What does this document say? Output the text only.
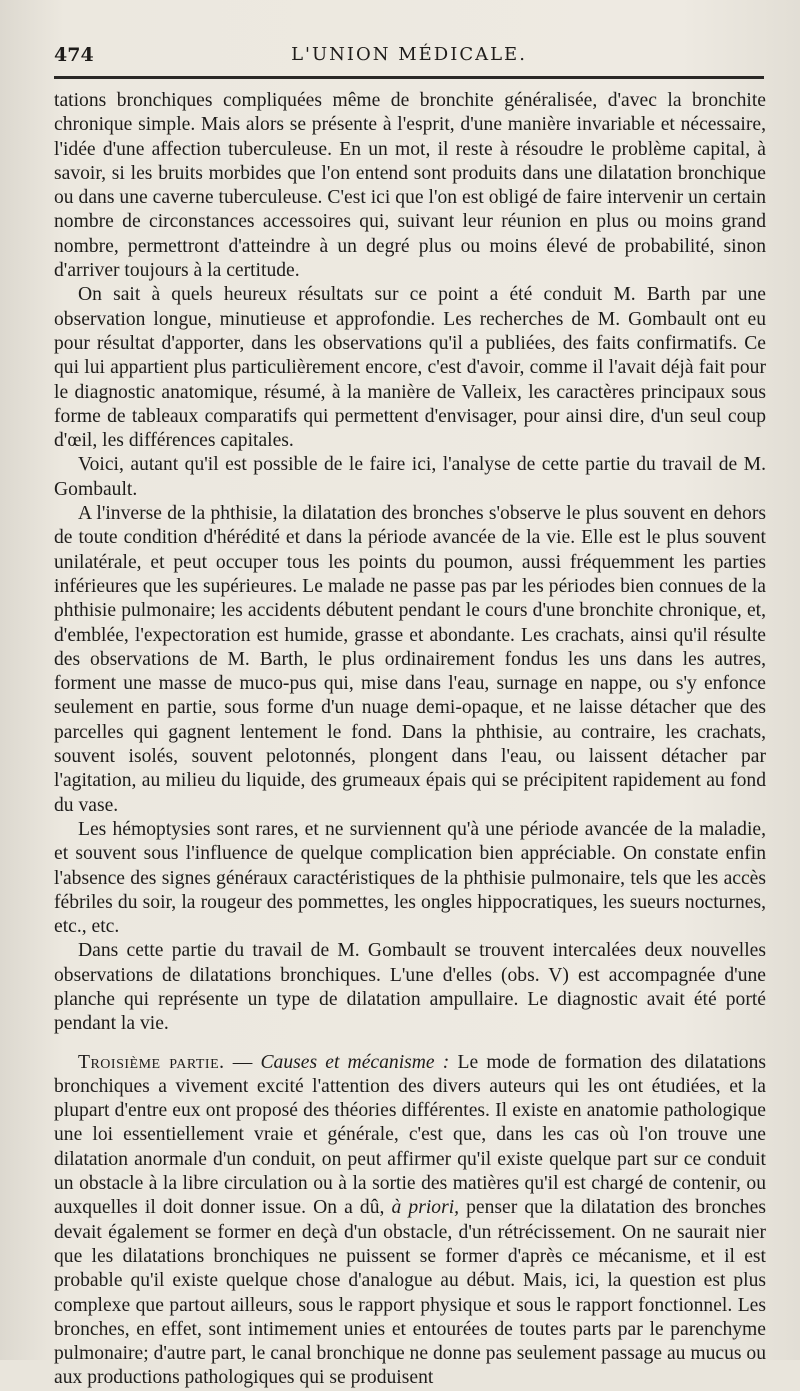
474	L'UNION MÉDICALE.

tations bronchiques compliquées même de bronchite généralisée, d'avec la bronchite chronique simple. Mais alors se présente à l'esprit, d'une manière invariable et nécessaire, l'idée d'une affection tuberculeuse. En un mot, il reste à résoudre le problème capital, à savoir, si les bruits morbides que l'on entend sont produits dans une dilatation bronchique ou dans une caverne tuberculeuse. C'est ici que l'on est obligé de faire intervenir un certain nombre de circonstances accessoires qui, suivant leur réunion en plus ou moins grand nombre, permettront d'atteindre à un degré plus ou moins élevé de probabilité, sinon d'arriver toujours à la certitude.

On sait à quels heureux résultats sur ce point a été conduit M. Barth par une observation longue, minutieuse et approfondie. Les recherches de M. Gombault ont eu pour résultat d'apporter, dans les observations qu'il a publiées, des faits confirmatifs. Ce qui lui appartient plus particulièrement encore, c'est d'avoir, comme il l'avait déjà fait pour le diagnostic anatomique, résumé, à la manière de Valleix, les caractères principaux sous forme de tableaux comparatifs qui permettent d'envisager, pour ainsi dire, d'un seul coup d'œil, les différences capitales.

Voici, autant qu'il est possible de le faire ici, l'analyse de cette partie du travail de M. Gombault.

A l'inverse de la phthisie, la dilatation des bronches s'observe le plus souvent en dehors de toute condition d'hérédité et dans la période avancée de la vie. Elle est le plus souvent unilatérale, et peut occuper tous les points du poumon, aussi fréquemment les parties inférieures que les supérieures. Le malade ne passe pas par les périodes bien connues de la phthisie pulmonaire; les accidents débutent pendant le cours d'une bronchite chronique, et, d'emblée, l'expectoration est humide, grasse et abondante. Les crachats, ainsi qu'il résulte des observations de M. Barth, le plus ordinairement fondus les uns dans les autres, forment une masse de muco-pus qui, mise dans l'eau, surnage en nappe, ou s'y enfonce seulement en partie, sous forme d'un nuage demi-opaque, et ne laisse détacher que des parcelles qui gagnent lentement le fond. Dans la phthisie, au contraire, les crachats, souvent isolés, souvent pelotonnés, plongent dans l'eau, ou laissent détacher par l'agitation, au milieu du liquide, des grumeaux épais qui se précipitent rapidement au fond du vase.

Les hémoptysies sont rares, et ne surviennent qu'à une période avancée de la maladie, et souvent sous l'influence de quelque complication bien appréciable. On constate enfin l'absence des signes généraux caractéristiques de la phthisie pulmonaire, tels que les accès fébriles du soir, la rougeur des pommettes, les ongles hippocratiques, les sueurs nocturnes, etc., etc.

Dans cette partie du travail de M. Gombault se trouvent intercalées deux nouvelles observations de dilatations bronchiques. L'une d'elles (obs. V) est accompagnée d'une planche qui représente un type de dilatation ampullaire. Le diagnostic avait été porté pendant la vie.

Troisième partie. — Causes et mécanisme : Le mode de formation des dilatations bronchiques a vivement excité l'attention des divers auteurs qui les ont étudiées, et la plupart d'entre eux ont proposé des théories différentes. Il existe en anatomie pathologique une loi essentiellement vraie et générale, c'est que, dans les cas où l'on trouve une dilatation anormale d'un conduit, on peut affirmer qu'il existe quelque part sur ce conduit un obstacle à la libre circulation ou à la sortie des matières qu'il est chargé de contenir, ou auxquelles il doit donner issue. On a dû, à priori, penser que la dilatation des bronches devait également se former en deçà d'un obstacle, d'un rétrécissement. On ne saurait nier que les dilatations bronchiques ne puissent se former d'après ce mécanisme, et il est probable qu'il existe quelque chose d'analogue au début. Mais, ici, la question est plus complexe que partout ailleurs, sous le rapport physique et sous le rapport fonctionnel. Les bronches, en effet, sont intimement unies et entourées de toutes parts par le parenchyme pulmonaire; d'autre part, le canal bronchique ne donne pas seulement passage au mucus ou aux productions pathologiques qui se produisent
